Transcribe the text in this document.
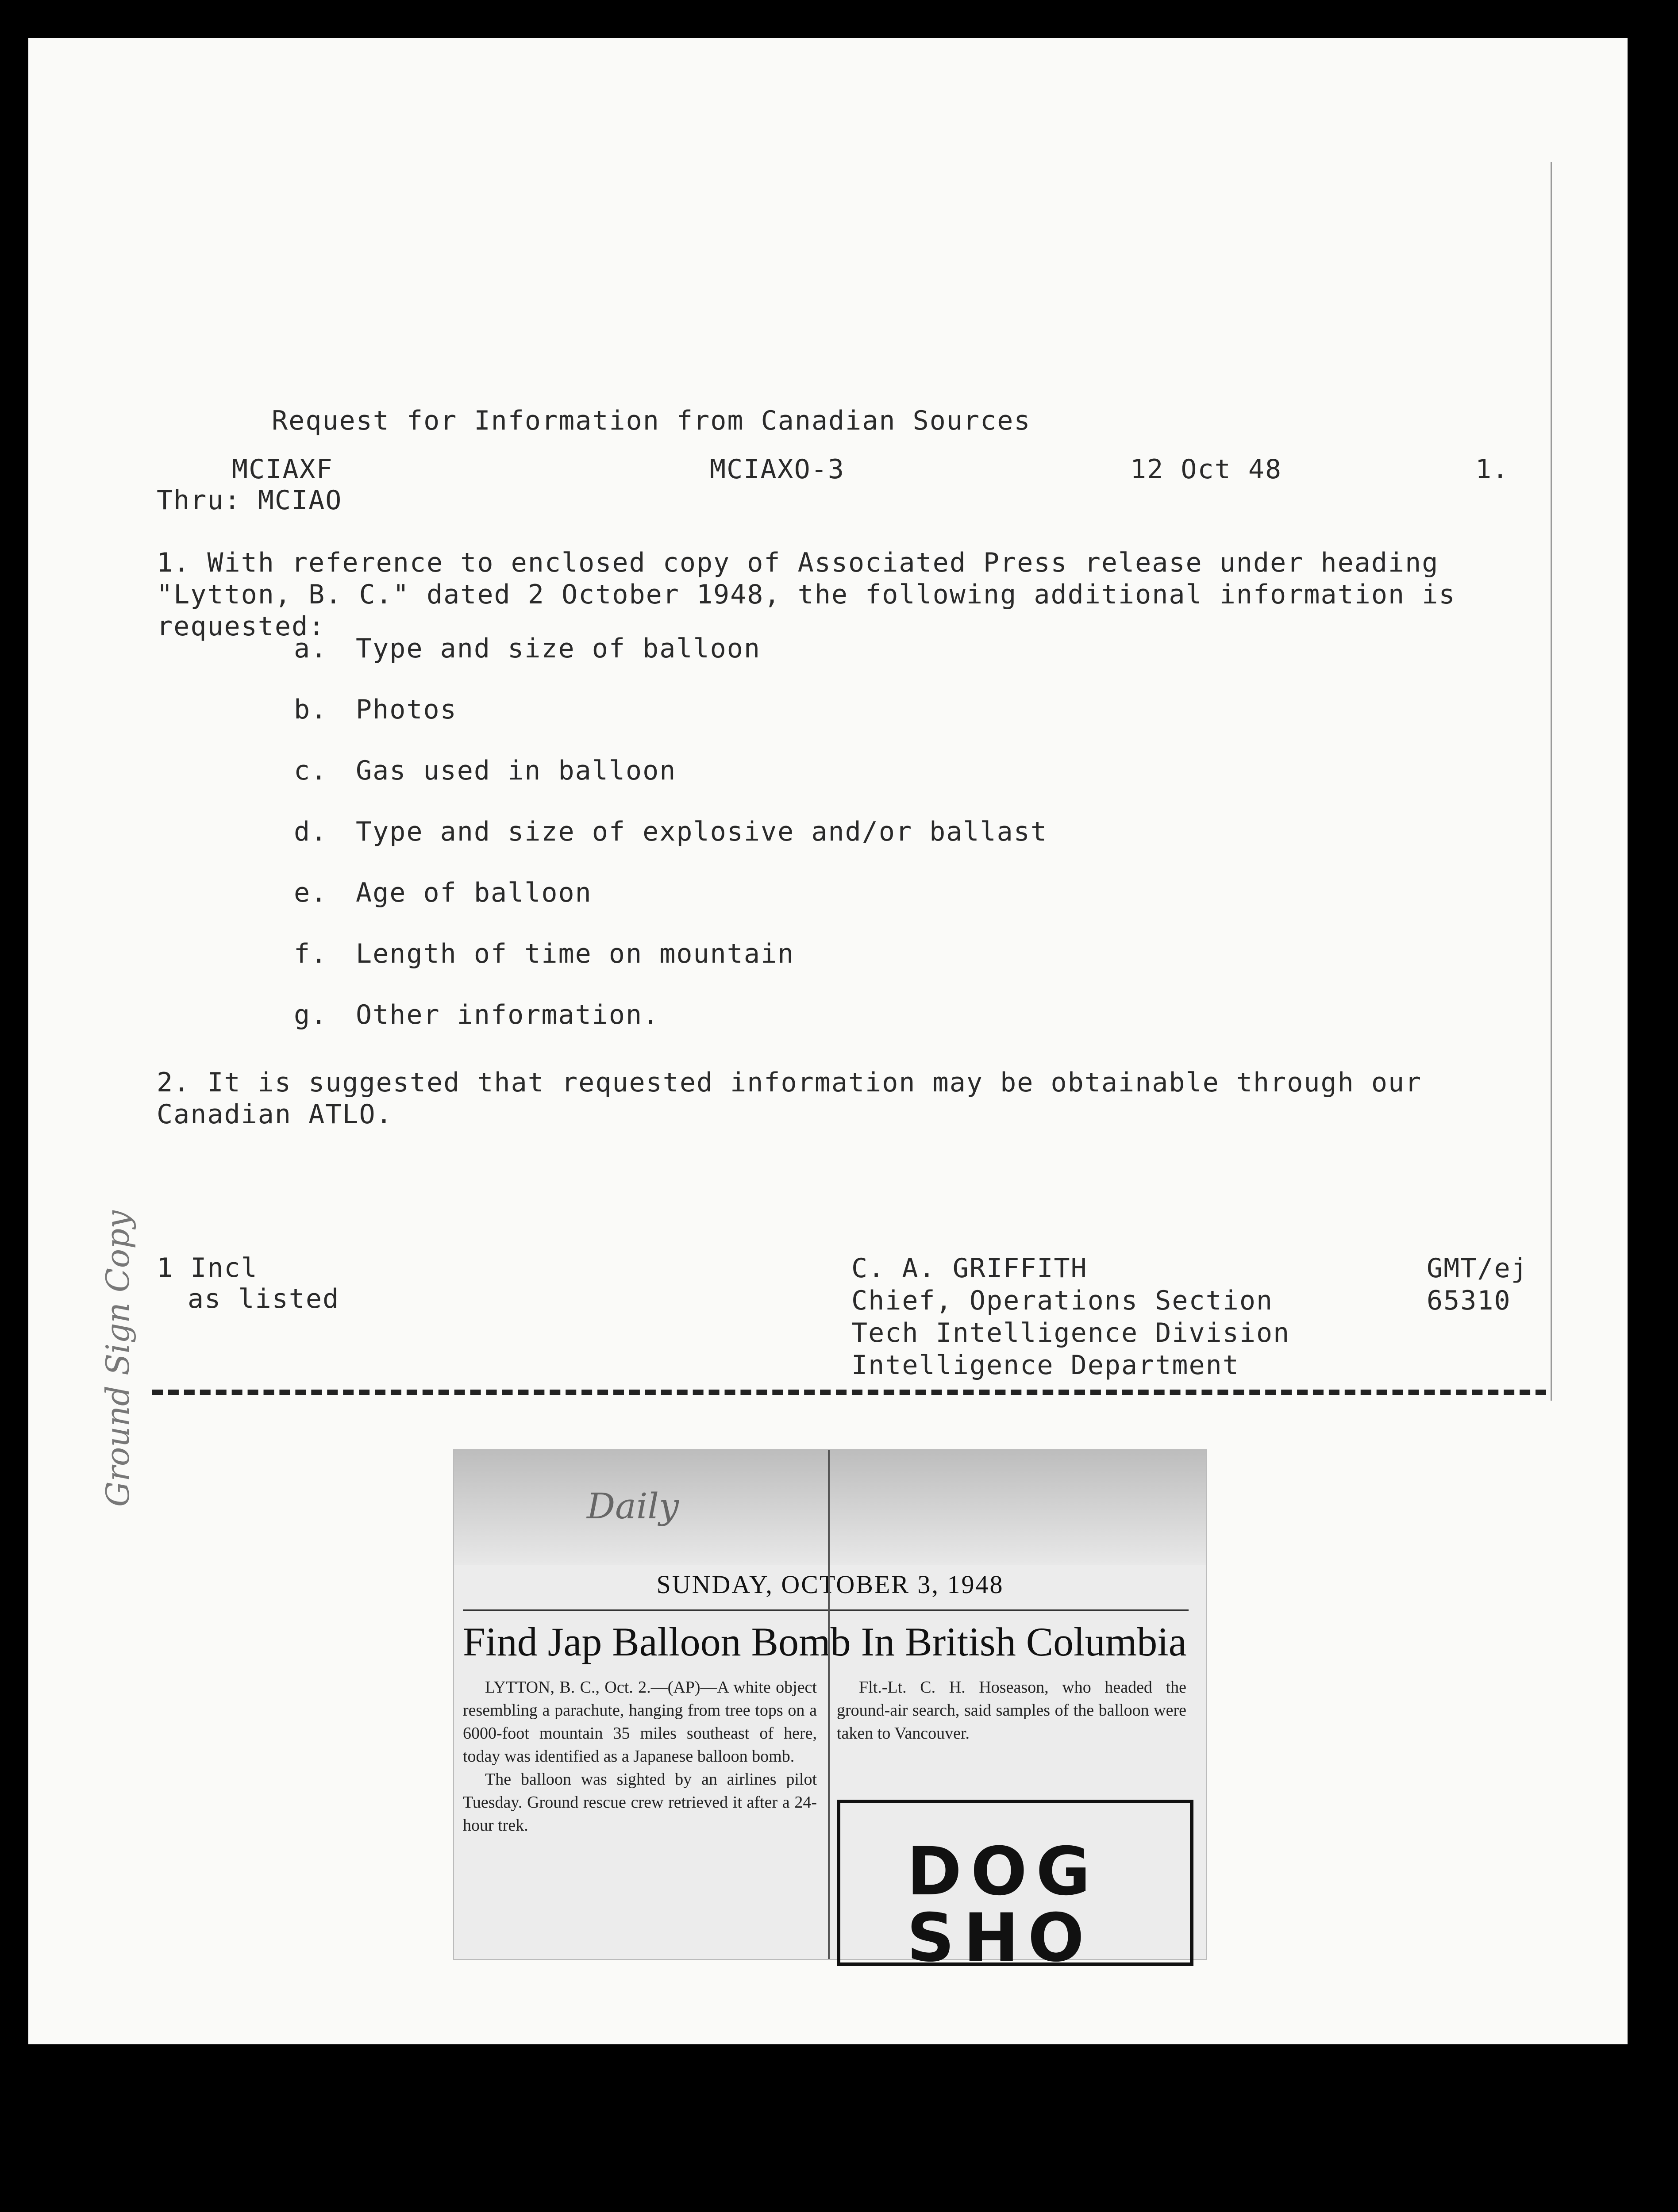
Request for Information from Canadian Sources
MCIAXF	MCIAXO-3	12 Oct 48	1.
Thru: MCIAO
1. With reference to enclosed copy of Associated Press release under heading "Lytton, B. C." dated 2 October 1948, the following additional information is requested:
a.	Type and size of balloon
b.	Photos
c.	Gas used in balloon
d.	Type and size of explosive and/or ballast
e.	Age of balloon
f.	Length of time on mountain
g.	Other information.
2. It is suggested that requested information may be obtainable through our Canadian ATLO.
1 Incl
as listed
C. A. GRIFFITH
Chief, Operations Section
Tech Intelligence Division
Intelligence Department
GMT/ej
65310
Ground Sign Copy	Daily
SUNDAY, OCTOBER 3, 1948
Find Jap Balloon Bomb In British Columbia
LYTTON, B. C., Oct. 2.—(AP)—A white object resembling a parachute, hanging from tree tops on a 6000-foot mountain 35 miles southeast of here, today was identified as a Japanese balloon bomb.
The balloon was sighted by an airlines pilot Tuesday. Ground rescue crew retrieved it after a 24-hour trek.
Flt.-Lt. C. H. Hoseason, who headed the ground-air search, said samples of the balloon were taken to Vancouver.
DOG SHO
